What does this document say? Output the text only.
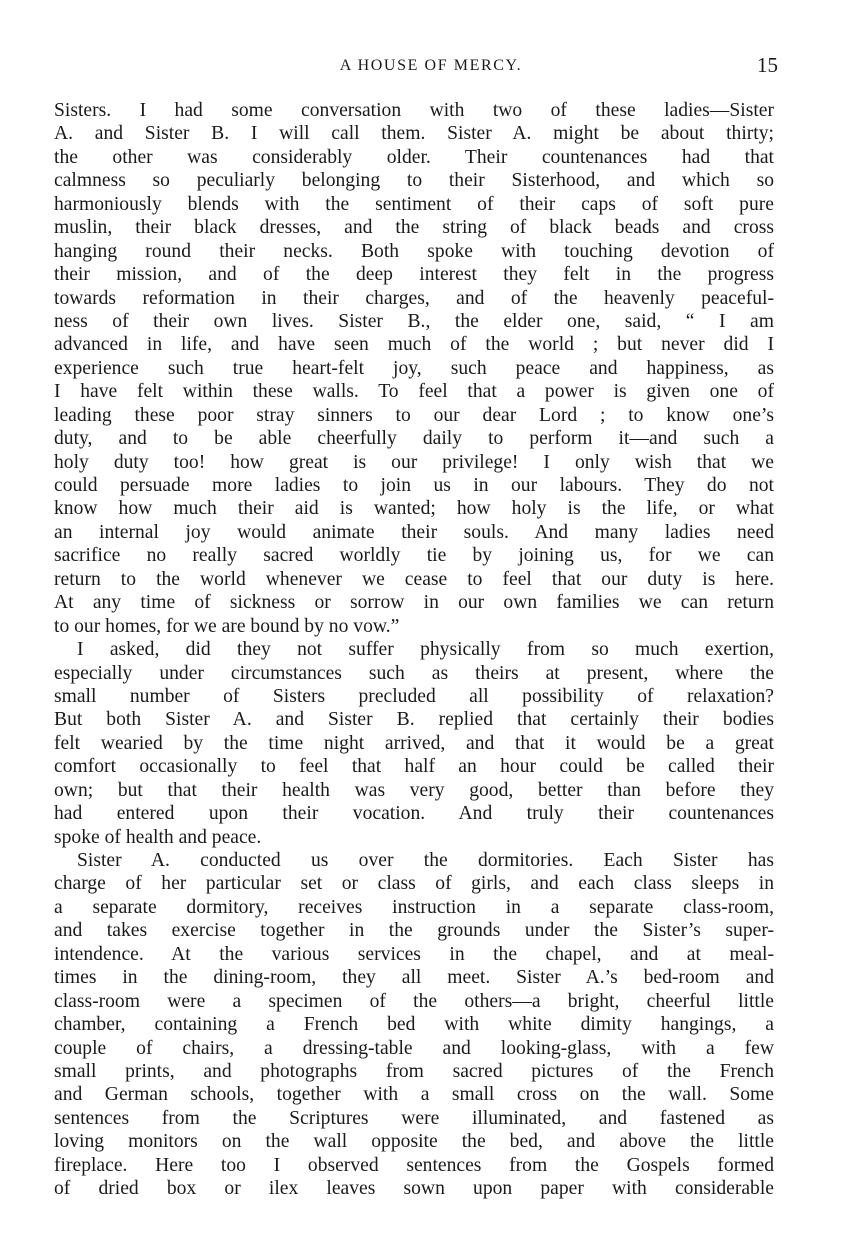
A HOUSE OF MERCY.	15
Sisters. I had some conversation with two of these ladies—Sister
A. and Sister B. I will call them. Sister A. might be about thirty;
the other was considerably older. Their countenances had that
calmness so peculiarly belonging to their Sisterhood, and which so
harmoniously blends with the sentiment of their caps of soft pure
muslin, their black dresses, and the string of black beads and cross
hanging round their necks. Both spoke with touching devotion of
their mission, and of the deep interest they felt in the progress
towards reformation in their charges, and of the heavenly peaceful-
ness of their own lives. Sister B., the elder one, said, “ I am
advanced in life, and have seen much of the world ; but never did I
experience such true heart-felt joy, such peace and happiness, as
I have felt within these walls. To feel that a power is given one of
leading these poor stray sinners to our dear Lord ; to know one’s
duty, and to be able cheerfully daily to perform it—and such a
holy duty too! how great is our privilege! I only wish that we
could persuade more ladies to join us in our labours. They do not
know how much their aid is wanted; how holy is the life, or what
an internal joy would animate their souls. And many ladies need
sacrifice no really sacred worldly tie by joining us, for we can
return to the world whenever we cease to feel that our duty is here.
At any time of sickness or sorrow in our own families we can return
to our homes, for we are bound by no vow.”
I asked, did they not suffer physically from so much exertion,
especially under circumstances such as theirs at present, where the
small number of Sisters precluded all possibility of relaxation?
But both Sister A. and Sister B. replied that certainly their bodies
felt wearied by the time night arrived, and that it would be a great
comfort occasionally to feel that half an hour could be called their
own; but that their health was very good, better than before they
had entered upon their vocation. And truly their countenances
spoke of health and peace.
Sister A. conducted us over the dormitories. Each Sister has
charge of her particular set or class of girls, and each class sleeps in
a separate dormitory, receives instruction in a separate class-room,
and takes exercise together in the grounds under the Sister’s super-
intendence. At the various services in the chapel, and at meal-
times in the dining-room, they all meet. Sister A.’s bed-room and
class-room were a specimen of the others—a bright, cheerful little
chamber, containing a French bed with white dimity hangings, a
couple of chairs, a dressing-table and looking-glass, with a few
small prints, and photographs from sacred pictures of the French
and German schools, together with a small cross on the wall. Some
sentences from the Scriptures were illuminated, and fastened as
loving monitors on the wall opposite the bed, and above the little
fireplace. Here too I observed sentences from the Gospels formed
of dried box or ilex leaves sown upon paper with considerable
